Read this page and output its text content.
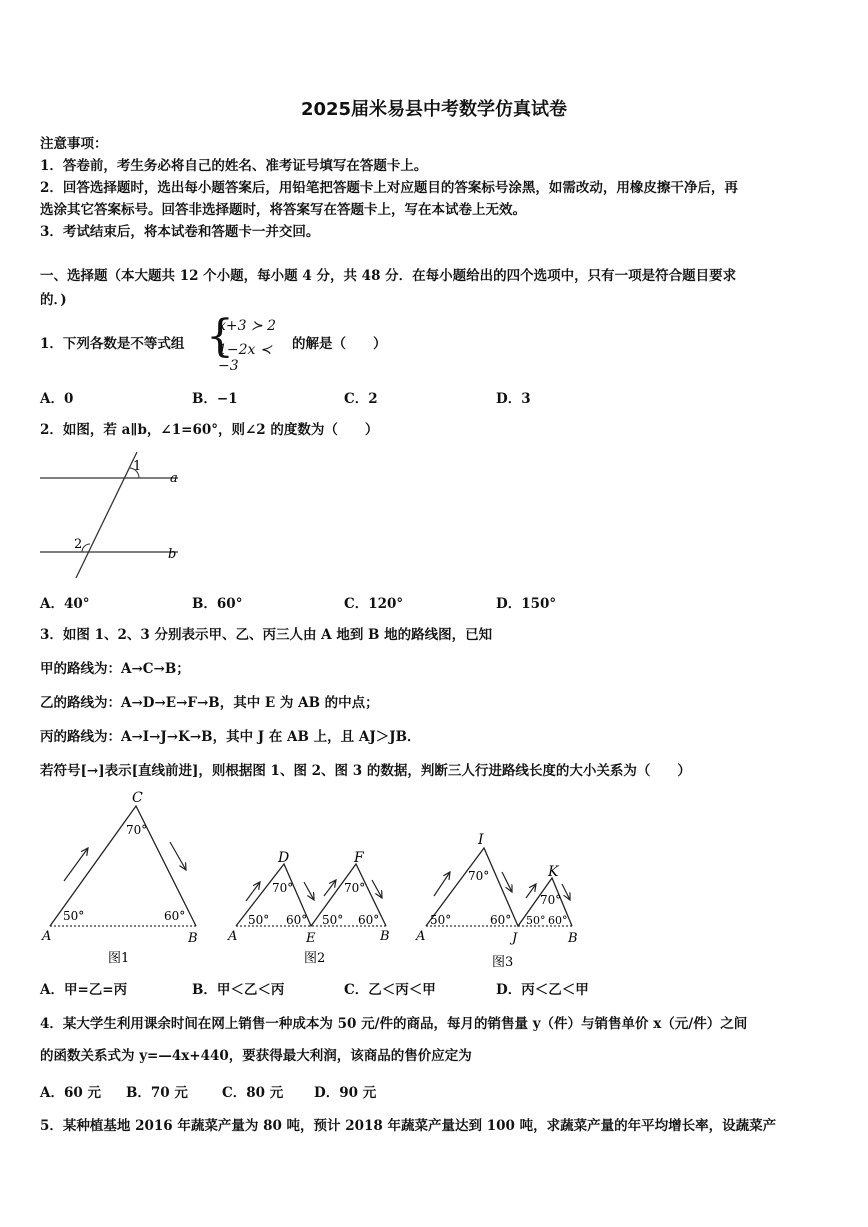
2025届米易县中考数学仿真试卷
注意事项：
1．答卷前，考生务必将自己的姓名、准考证号填写在答题卡上。
2．回答选择题时，选出每小题答案后，用铅笔把答题卡上对应题目的答案标号涂黑，如需改动，用橡皮擦干净后，再
选涂其它答案标号。回答非选择题时，将答案写在答题卡上，写在本试卷上无效。
3．考试结束后，将本试卷和答题卡一并交回。
一、选择题（本大题共 12 个小题，每小题 4 分，共 48 分．在每小题给出的四个选项中，只有一项是符合题目要求
的．)
1．下列各数是不等式组 {
x+3 ≻ 2
1−2x ≺ −3
的解是（　　）
A．0	B．−1	C．2	D．3
2．如图，若 a∥b，∠1=60°，则∠2 的度数为（　　）
1
2
a
b
A．40°	B．60°	C．120°	D．150°
3．如图 1、2、3 分别表示甲、乙、丙三人由 A 地到 B 地的路线图，已知
甲的路线为：A→C→B；
乙的路线为：A→D→E→F→B，其中 E 为 AB 的中点；
丙的路线为：A→I→J→K→B，其中 J 在 AB 上，且 AJ＞JB．
若符号[→]表示[直线前进]，则根据图 1、图 2、图 3 的数据，判断三人行进路线长度的大小关系为（　　）
C
70°
50°	60°
A	B
图1
D	F
70°	70°
50° 60° 50° 60°
A	E	B
图2
I
K
70°
70°
50°	60° 50° 60°
A	J	B
图3
A．甲=乙=丙	B．甲＜乙＜丙	C．乙＜丙＜甲	D．丙＜乙＜甲
4．某大学生利用课余时间在网上销售一种成本为 50 元/件的商品，每月的销售量 y（件）与销售单价 x（元/件）之间
的函数关系式为 y=—4x+440，要获得最大利润，该商品的售价应定为
A．60 元 B．70 元	C．80 元 D．90 元
5．某种植基地 2016 年蔬菜产量为 80 吨，预计 2018 年蔬菜产量达到 100 吨，求蔬菜产量的年平均增长率，设蔬菜产
